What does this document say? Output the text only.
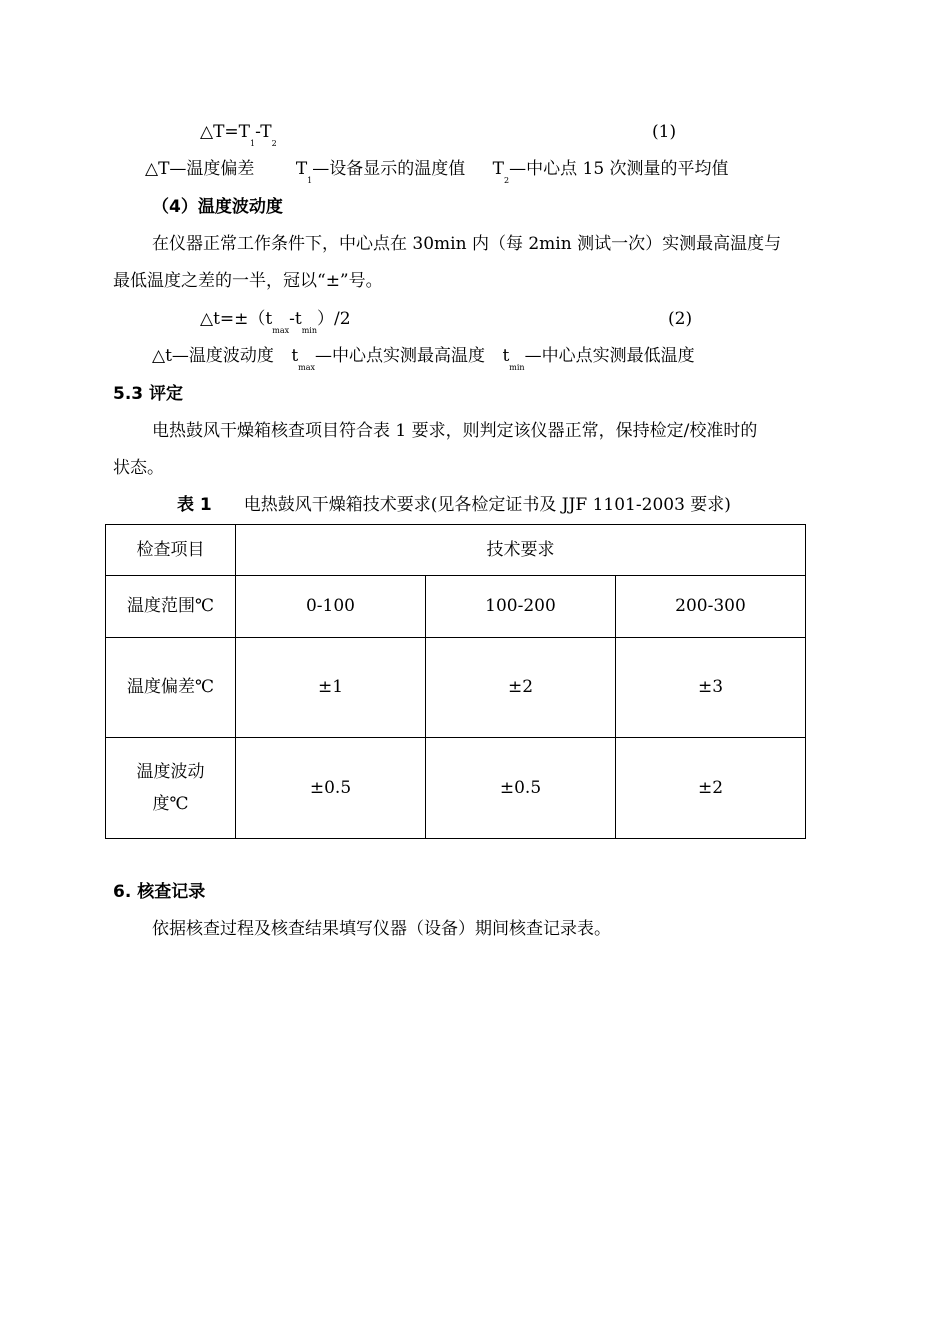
$\triangle T=T_1-T_2$
(1)
△T—温度偏差 $T_1—$设备显示的温度值 $T_2—$中心点 15 次测量的平均值
（4）温度波动度
在仪器正常工作条件下，中心点在 30min 内（每 2min 测试一次）实测最高温度与
最低温度之差的一半，冠以“±”号。
$\triangle t=\pm(t_{max}-t_{min})/2$	(2)
△t—温度波动度 $t_{max}—$中心点实测最高温度 $t_{min}—$中心点实测最低温度
5.3 评定
电热鼓风干燥箱核查项目符合表 1 要求，则判定该仪器正常，保持检定/校准时的
状态。
表 1 电热鼓风干燥箱技术要求(见各检定证书及 JJF 1101-2003 要求)
检查项目	技术要求		
温度范围℃	0-100	100-200	200-300
温度偏差℃	±1	±2	±3

温度波动
度℃	±0.5	±0.5	±2
6. 核查记录
依据核查过程及核查结果填写仪器（设备）期间核查记录表。
